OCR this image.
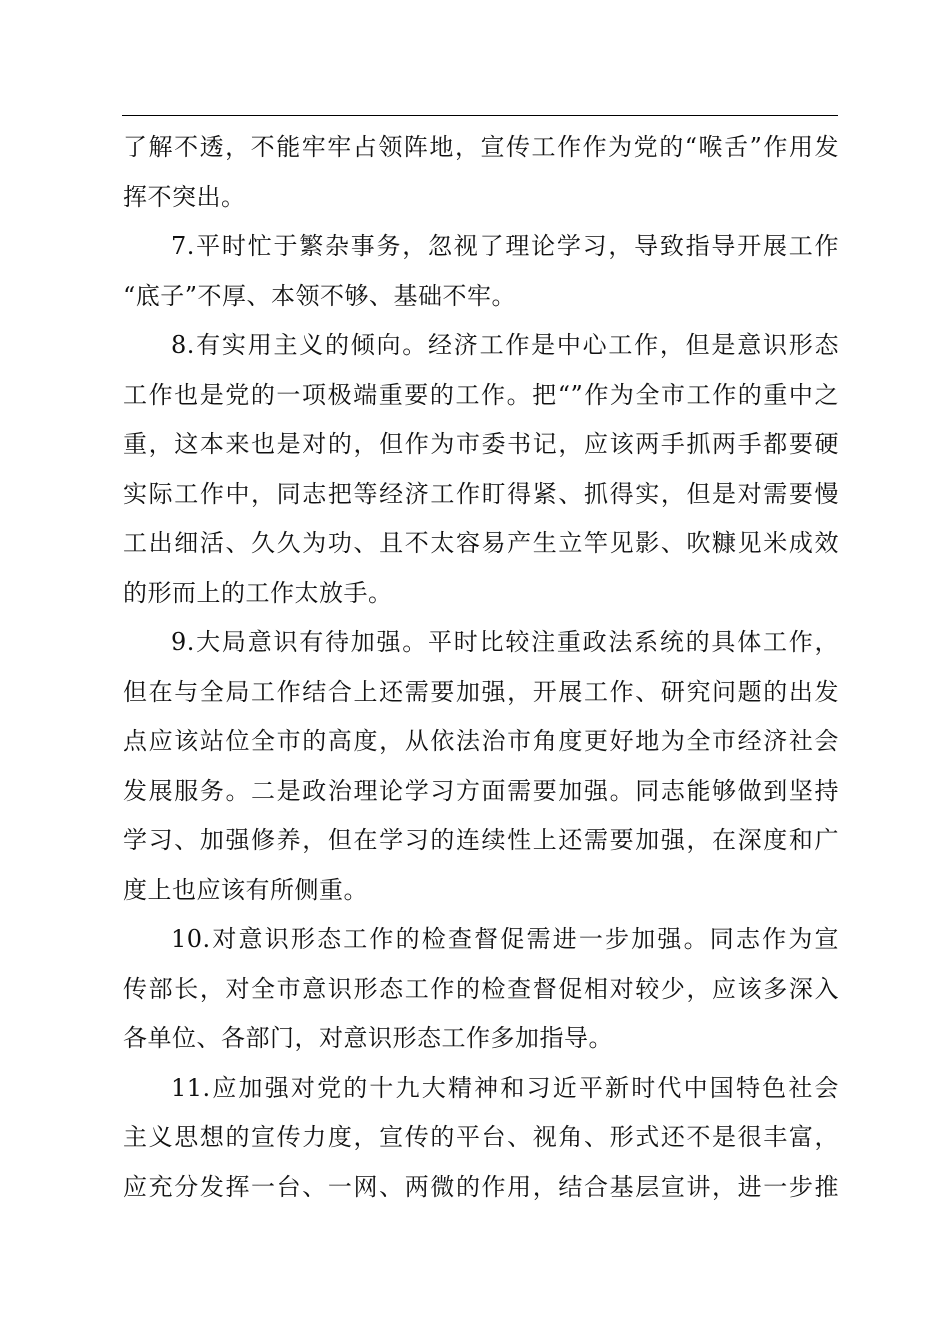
了解不透，不能牢牢占领阵地，宣传工作作为党的“喉舌”作用发
挥不突出。
7.平时忙于繁杂事务，忽视了理论学习，导致指导开展工作
“底子”不厚、本领不够、基础不牢。
8.有实用主义的倾向。经济工作是中心工作，但是意识形态
工作也是党的一项极端重要的工作。把“”作为全市工作的重中之
重，这本来也是对的，但作为市委书记，应该两手抓两手都要硬
实际工作中，同志把等经济工作盯得紧、抓得实，但是对需要慢
工出细活、久久为功、且不太容易产生立竿见影、吹糠见米成效
的形而上的工作太放手。
9.大局意识有待加强。平时比较注重政法系统的具体工作，
但在与全局工作结合上还需要加强，开展工作、研究问题的出发
点应该站位全市的高度，从依法治市角度更好地为全市经济社会
发展服务。二是政治理论学习方面需要加强。同志能够做到坚持
学习、加强修养，但在学习的连续性上还需要加强，在深度和广
度上也应该有所侧重。
10.对意识形态工作的检查督促需进一步加强。同志作为宣
传部长，对全市意识形态工作的检查督促相对较少，应该多深入
各单位、各部门，对意识形态工作多加指导。
11.应加强对党的十九大精神和习近平新时代中国特色社会
主义思想的宣传力度，宣传的平台、视角、形式还不是很丰富，
应充分发挥一台、一网、两微的作用，结合基层宣讲，进一步推
